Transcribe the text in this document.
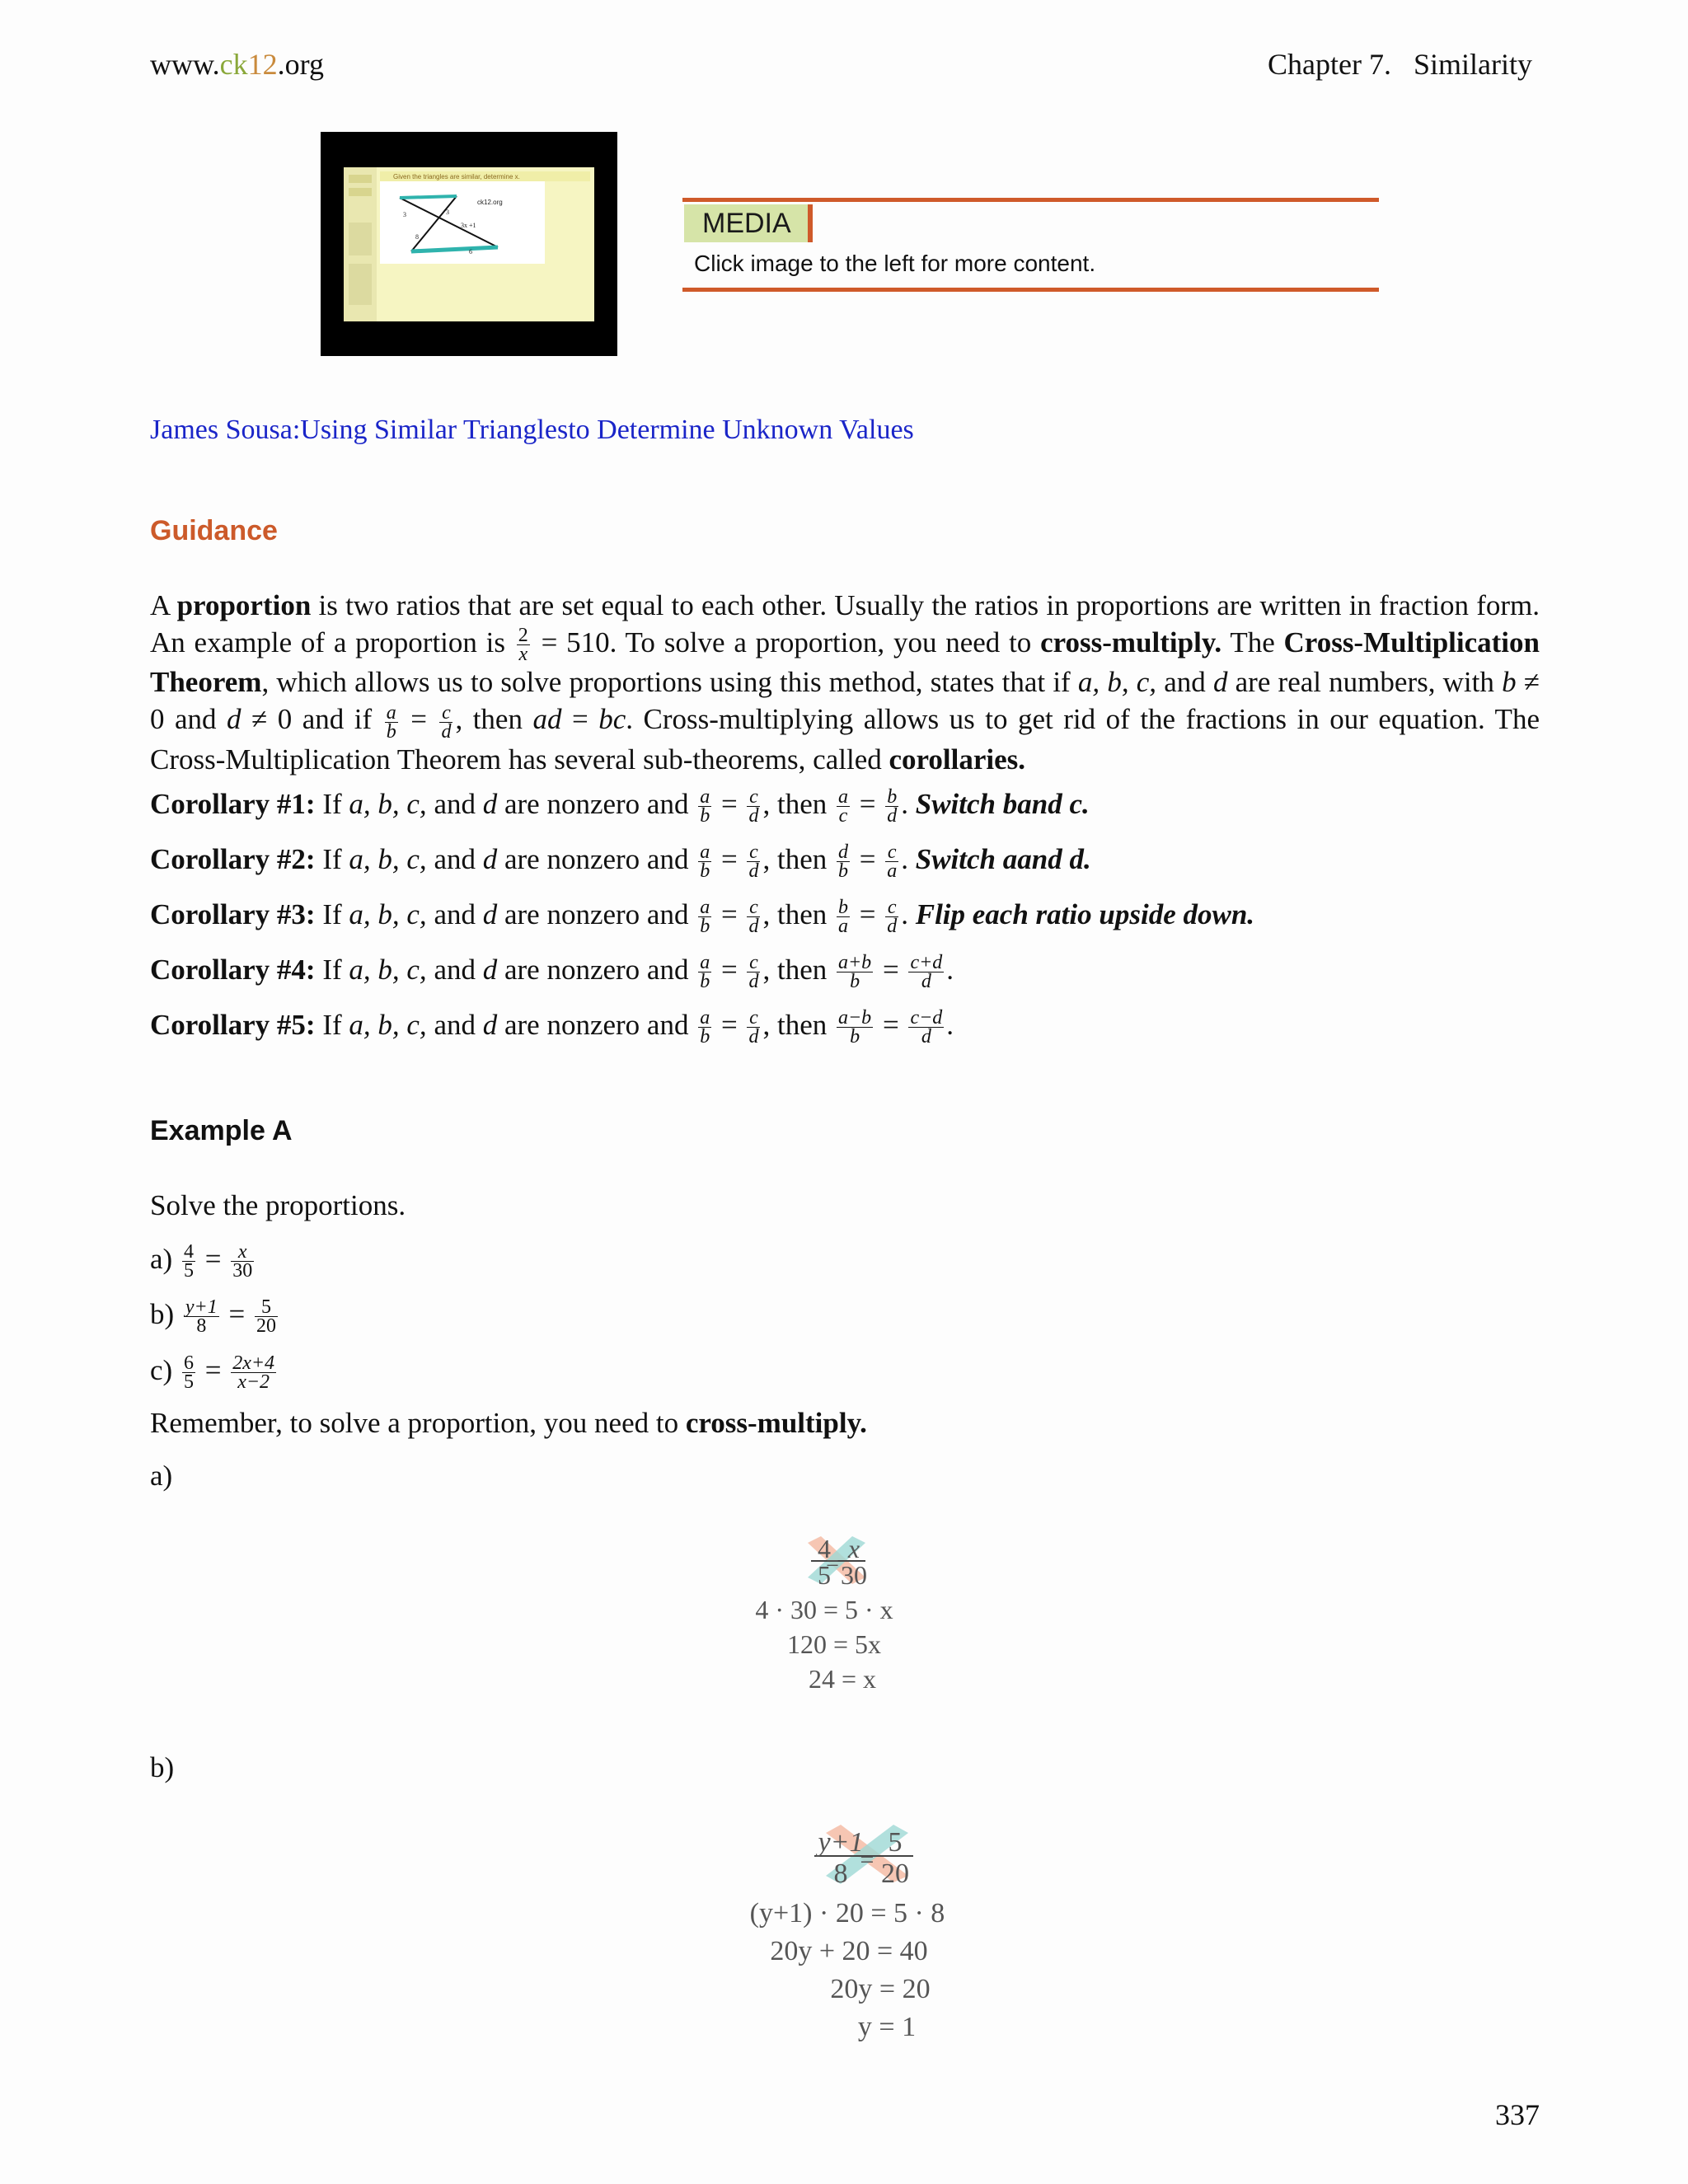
www.ck12.org	Chapter 7.   Similarity
Given the triangles are similar, determine x.
ck12.org
3	3
3x +1
8
6
MEDIA
Click image to the left for more content.
James Sousa:Using Similar Trianglesto Determine Unknown Values
Guidance
A proportion is two ratios that are set equal to each other. Usually the ratios in proportions are written in fraction form. An example of a proportion is $\frac{2}{x} = 510$. To solve a proportion, you need to cross-multiply. The Cross-Multiplication Theorem, which allows us to solve proportions using this method, states that if a, b, c, and d are real numbers, with b ≠ 0 and d ≠ 0 and if $\frac{a}{b} = \frac{c}{d}$ , then ad = bc. Cross-multiplying allows us to get rid of the fractions in our equation. The Cross-Multiplication Theorem has several sub-theorems, called corollaries.
Corollary #1: If a, b, c, and d are nonzero and $\frac{a}{b} = \frac{c}{d}$ , then $\frac{a}{c} = \frac{b}{d}$ . Switch band c.
Corollary #2: If a, b, c, and d are nonzero and $\frac{a}{b} = \frac{c}{d}$ , then $\frac{d}{b} = \frac{c}{a}$ . Switch aand d.
Corollary #3: If a, b, c, and d are nonzero and $\frac{a}{b} = \frac{c}{d}$ , then $\frac{b}{a} = \frac{c}{d}$ . Flip each ratio upside down.
Corollary #4: If a, b, c, and d are nonzero and $\frac{a}{b} = \frac{c}{d}$ , then $\frac{a+b}{b} = \frac{c+d}{d}$ .
Corollary #5: If a, b, c, and d are nonzero and $\frac{a}{b} = \frac{c}{d}$ , then $\frac{a-b}{b} = \frac{c-d}{d}$ .
Example A
Solve the proportions.
$a) \frac{4}{5} = \frac{x}{30}$
$b) \frac{y+1}{8} = \frac{5}{20}$
$c) \frac{6}{5} = \frac{2x+4}{x-2}$
Remember, to solve a proportion, you need to cross-multiply.
a)
4
5
=
x
30
4 · 30 = 5 · x
120 = 5x
24 = x
b)
y+1
8 =
5
20
(y+1) · 20 = 5 · 8
20y + 20 = 40
20y = 20
y = 1
337
